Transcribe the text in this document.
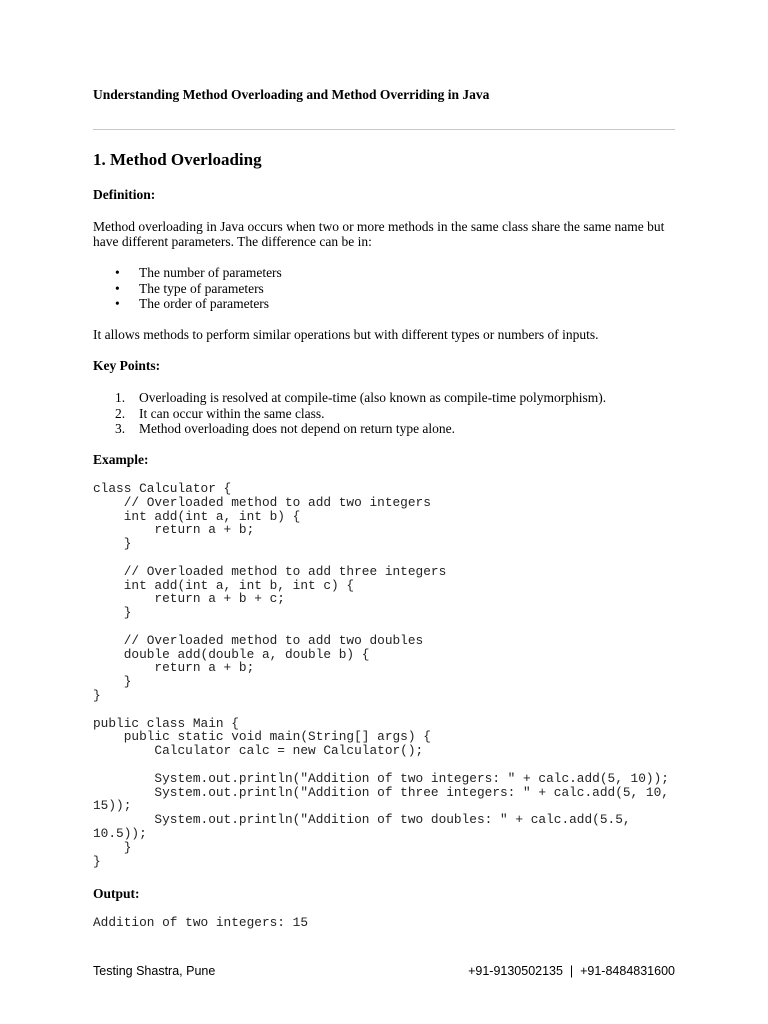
Understanding Method Overloading and Method Overriding in Java
1. Method Overloading
Definition:
Method overloading in Java occurs when two or more methods in the same class share the same name but have different parameters. The difference can be in:
• The number of parameters
• The type of parameters
• The order of parameters
It allows methods to perform similar operations but with different types or numbers of inputs.
Key Points:
1. Overloading is resolved at compile-time (also known as compile-time polymorphism).
2. It can occur within the same class.
3. Method overloading does not depend on return type alone.
Example:
class Calculator {
// Overloaded method to add two integers
int add(int a, int b) {
return a + b;
}

// Overloaded method to add three integers
int add(int a, int b, int c) {
return a + b + c;
}

// Overloaded method to add two doubles
double add(double a, double b) {
return a + b;
}
}

public class Main {
public static void main(String[] args) {
Calculator calc = new Calculator();

System.out.println("Addition of two integers: " + calc.add(5, 10));
System.out.println("Addition of three integers: " + calc.add(5, 10,
15));
System.out.println("Addition of two doubles: " + calc.add(5.5,
10.5));
}
}
Output:
Addition of two integers: 15
Testing Shastra, Pune	+91-9130502135  |  +91-8484831600
